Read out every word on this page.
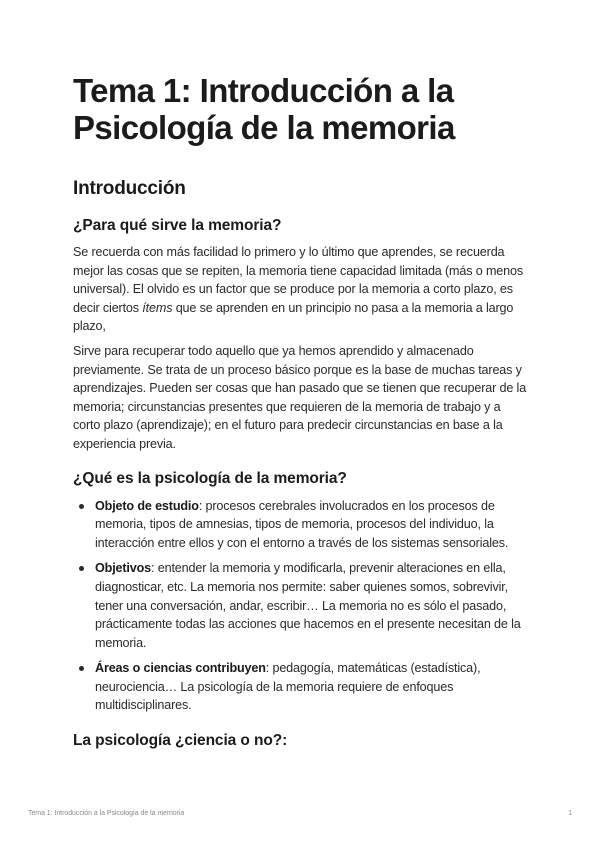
Tema 1: Introducción a la
Psicología de la memoria
Introducción
¿Para qué sirve la memoria?

Se recuerda con más facilidad lo primero y lo último que aprendes, se recuerda mejor las cosas que se repiten, la memoria tiene capacidad limitada (más o menos universal). El olvido es un factor que se produce por la memoria a corto plazo, es decir ciertos ítems que se aprenden en un principio no pasa a la memoria a largo plazo,

Sirve para recuperar todo aquello que ya hemos aprendido y almacenado previamente. Se trata de un proceso básico porque es la base de muchas tareas y aprendizajes. Pueden ser cosas que han pasado que se tienen que recuperar de la memoria; circunstancias presentes que requieren de la memoria de trabajo y a corto plazo (aprendizaje); en el futuro para predecir circunstancias en base a la experiencia previa.

¿Qué es la psicología de la memoria?
Objeto de estudio: procesos cerebrales involucrados en los procesos de memoria, tipos de amnesias, tipos de memoria, procesos del individuo, la interacción entre ellos y con el entorno a través de los sistemas sensoriales.
Objetivos: entender la memoria y modificarla, prevenir alteraciones en ella, diagnosticar, etc. La memoria nos permite: saber quienes somos, sobrevivir, tener una conversación, andar, escribir… La memoria no es sólo el pasado, prácticamente todas las acciones que hacemos en el presente necesitan de la memoria.
Áreas o ciencias contribuyen: pedagogía, matemáticas (estadística), neurociencia… La psicología de la memoria requiere de enfoques multidisciplinares.
La psicología ¿ciencia o no?:
Tema 1: Introducción a la Psicología de la memoria	1
